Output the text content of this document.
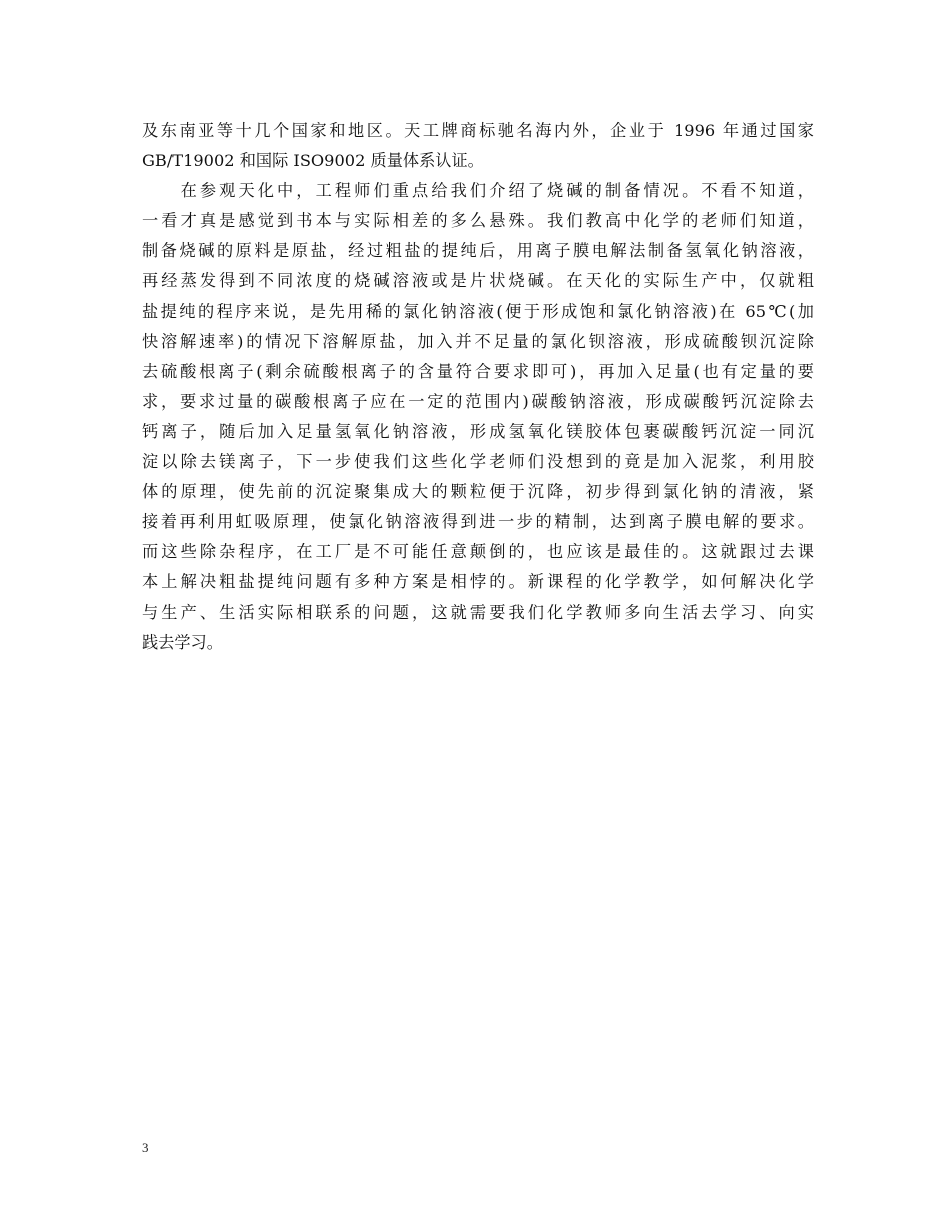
及东南亚等十几个国家和地区。天工牌商标驰名海内外，企业于 1996 年通过国家
GB/T19002 和国际 ISO9002 质量体系认证。
　　在参观天化中，工程师们重点给我们介绍了烧碱的制备情况。不看不知道，
一看才真是感觉到书本与实际相差的多么悬殊。我们教高中化学的老师们知道，
制备烧碱的原料是原盐，经过粗盐的提纯后，用离子膜电解法制备氢氧化钠溶液，
再经蒸发得到不同浓度的烧碱溶液或是片状烧碱。在天化的实际生产中，仅就粗
盐提纯的程序来说，是先用稀的氯化钠溶液(便于形成饱和氯化钠溶液)在 65℃(加
快溶解速率)的情况下溶解原盐，加入并不足量的氯化钡溶液，形成硫酸钡沉淀除
去硫酸根离子(剩余硫酸根离子的含量符合要求即可)，再加入足量(也有定量的要
求，要求过量的碳酸根离子应在一定的范围内)碳酸钠溶液，形成碳酸钙沉淀除去
钙离子，随后加入足量氢氧化钠溶液，形成氢氧化镁胶体包裹碳酸钙沉淀一同沉
淀以除去镁离子，下一步使我们这些化学老师们没想到的竟是加入泥浆，利用胶
体的原理，使先前的沉淀聚集成大的颗粒便于沉降，初步得到氯化钠的清液，紧
接着再利用虹吸原理，使氯化钠溶液得到进一步的精制，达到离子膜电解的要求。
而这些除杂程序，在工厂是不可能任意颠倒的，也应该是最佳的。这就跟过去课
本上解决粗盐提纯问题有多种方案是相悖的。新课程的化学教学，如何解决化学
与生产、生活实际相联系的问题，这就需要我们化学教师多向生活去学习、向实
践去学习。
3
